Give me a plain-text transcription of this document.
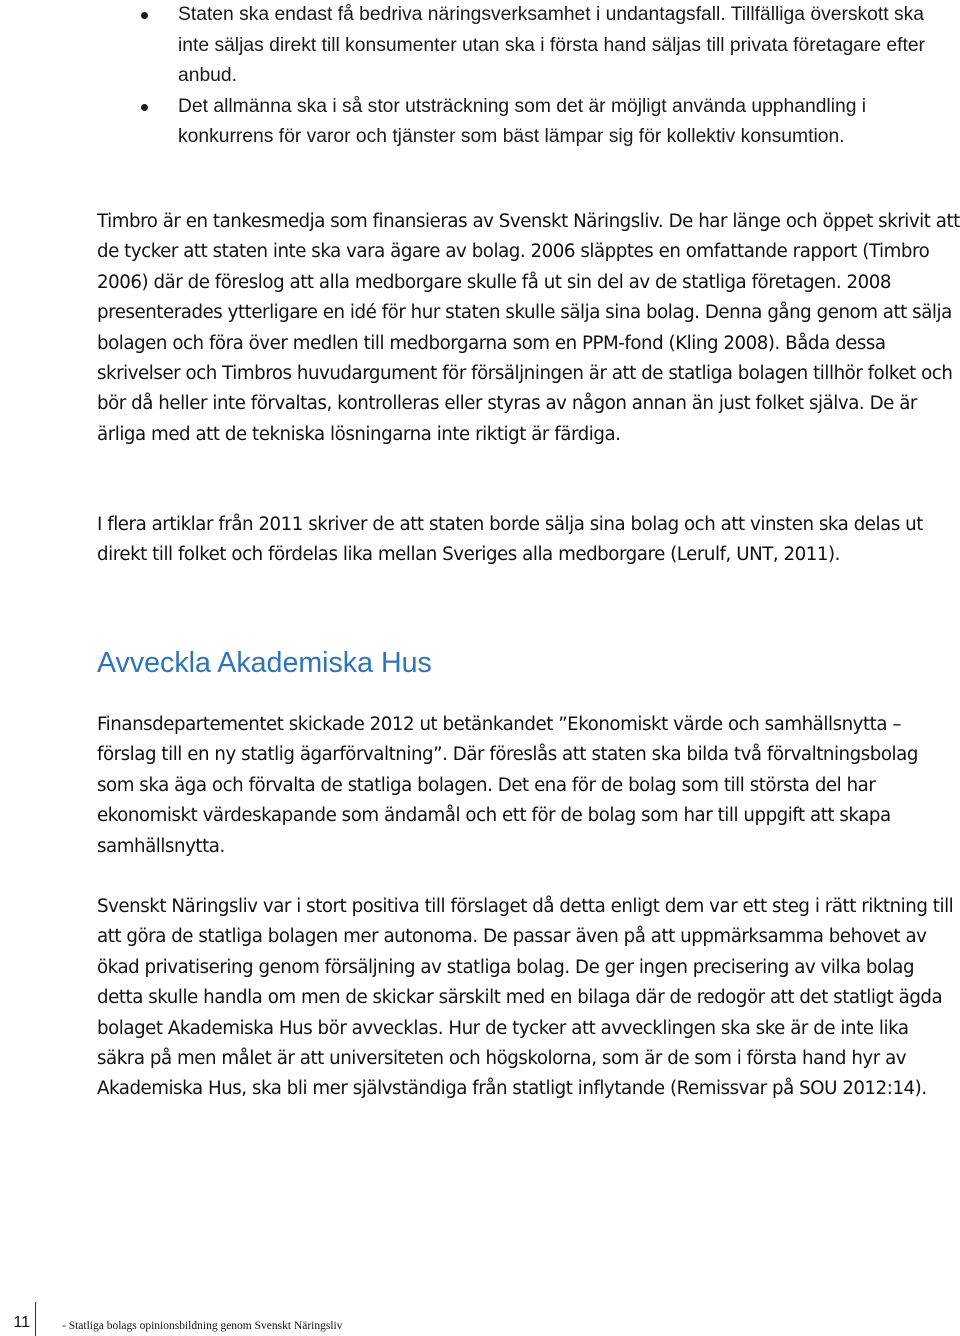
Staten ska endast få bedriva näringsverksamhet i undantagsfall. Tillfälliga överskott ska inte säljas direkt till konsumenter utan ska i första hand säljas till privata företagare efter anbud.
Det allmänna ska i så stor utsträckning som det är möjligt använda upphandling i konkurrens för varor och tjänster som bäst lämpar sig för kollektiv konsumtion.

Timbro är en tankesmedja som finansieras av Svenskt Näringsliv. De har länge och öppet skrivit att de tycker att staten inte ska vara ägare av bolag. 2006 släpptes en omfattande rapport (Timbro 2006) där de föreslog att alla medborgare skulle få ut sin del av de statliga företagen. 2008 presenterades ytterligare en idé för hur staten skulle sälja sina bolag. Denna gång genom att sälja bolagen och föra över medlen till medborgarna som en PPM-fond (Kling 2008). Båda dessa skrivelser och Timbros huvudargument för försäljningen är att de statliga bolagen tillhör folket och bör då heller inte förvaltas, kontrolleras eller styras av någon annan än just folket själva. De är ärliga med att de tekniska lösningarna inte riktigt är färdiga.

I flera artiklar från 2011 skriver de att staten borde sälja sina bolag och att vinsten ska delas ut direkt till folket och fördelas lika mellan Sveriges alla medborgare (Lerulf, UNT, 2011).

Avveckla Akademiska Hus

Finansdepartementet skickade 2012 ut betänkandet ”Ekonomiskt värde och samhällsnytta – förslag till en ny statlig ägarförvaltning”. Där föreslås att staten ska bilda två förvaltningsbolag som ska äga och förvalta de statliga bolagen. Det ena för de bolag som till största del har ekonomiskt värdeskapande som ändamål och ett för de bolag som har till uppgift att skapa samhällsnytta.

Svenskt Näringsliv var i stort positiva till förslaget då detta enligt dem var ett steg i rätt riktning till att göra de statliga bolagen mer autonoma. De passar även på att uppmärksamma behovet av ökad privatisering genom försäljning av statliga bolag. De ger ingen precisering av vilka bolag detta skulle handla om men de skickar särskilt med en bilaga där de redogör att det statligt ägda bolaget Akademiska Hus bör avvecklas. Hur de tycker att avvecklingen ska ske är de inte lika säkra på men målet är att universiteten och högskolorna, som är de som i första hand hyr av Akademiska Hus, ska bli mer självständiga från statligt inflytande (Remissvar på SOU 2012:14).

11	- Statliga bolags opinionsbildning genom Svenskt Näringsliv
